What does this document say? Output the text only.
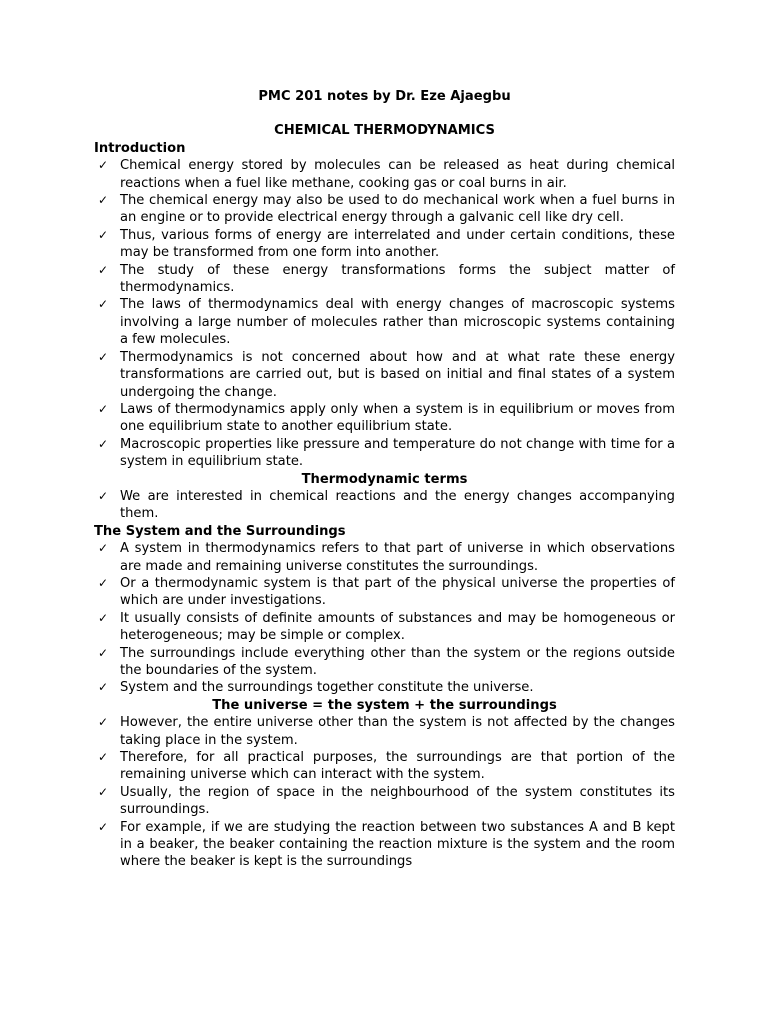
PMC 201 notes by Dr. Eze Ajaegbu

CHEMICAL THERMODYNAMICS

Introduction

✓ Chemical energy stored by molecules can be released as heat during chemical reactions when a fuel like methane, cooking gas or coal burns in air.
✓ The chemical energy may also be used to do mechanical work when a fuel burns in an engine or to provide electrical energy through a galvanic cell like dry cell.
✓ Thus, various forms of energy are interrelated and under certain conditions, these may be transformed from one form into another.
✓ The study of these energy transformations forms the subject matter of thermodynamics.
✓ The laws of thermodynamics deal with energy changes of macroscopic systems involving a large number of molecules rather than microscopic systems containing a few molecules.
✓ Thermodynamics is not concerned about how and at what rate these energy transformations are carried out, but is based on initial and final states of a system undergoing the change.
✓ Laws of thermodynamics apply only when a system is in equilibrium or moves from one equilibrium state to another equilibrium state.
✓ Macroscopic properties like pressure and temperature do not change with time for a system in equilibrium state.

Thermodynamic terms

✓ We are interested in chemical reactions and the energy changes accompanying them.

The System and the Surroundings

✓ A system in thermodynamics refers to that part of universe in which observations are made and remaining universe constitutes the surroundings.
✓ Or a thermodynamic system is that part of the physical universe the properties of which are under investigations.
✓ It usually consists of definite amounts of substances and may be homogeneous or heterogeneous; may be simple or complex.
✓ The surroundings include everything other than the system or the regions outside the boundaries of the system.
✓ System and the surroundings together constitute the universe.

The universe = the system + the surroundings

✓ However, the entire universe other than the system is not affected by the changes taking place in the system.
✓ Therefore, for all practical purposes, the surroundings are that portion of the remaining universe which can interact with the system.
✓ Usually, the region of space in the neighbourhood of the system constitutes its surroundings.
✓ For example, if we are studying the reaction between two substances A and B kept in a beaker, the beaker containing the reaction mixture is the system and the room where the beaker is kept is the surroundings
